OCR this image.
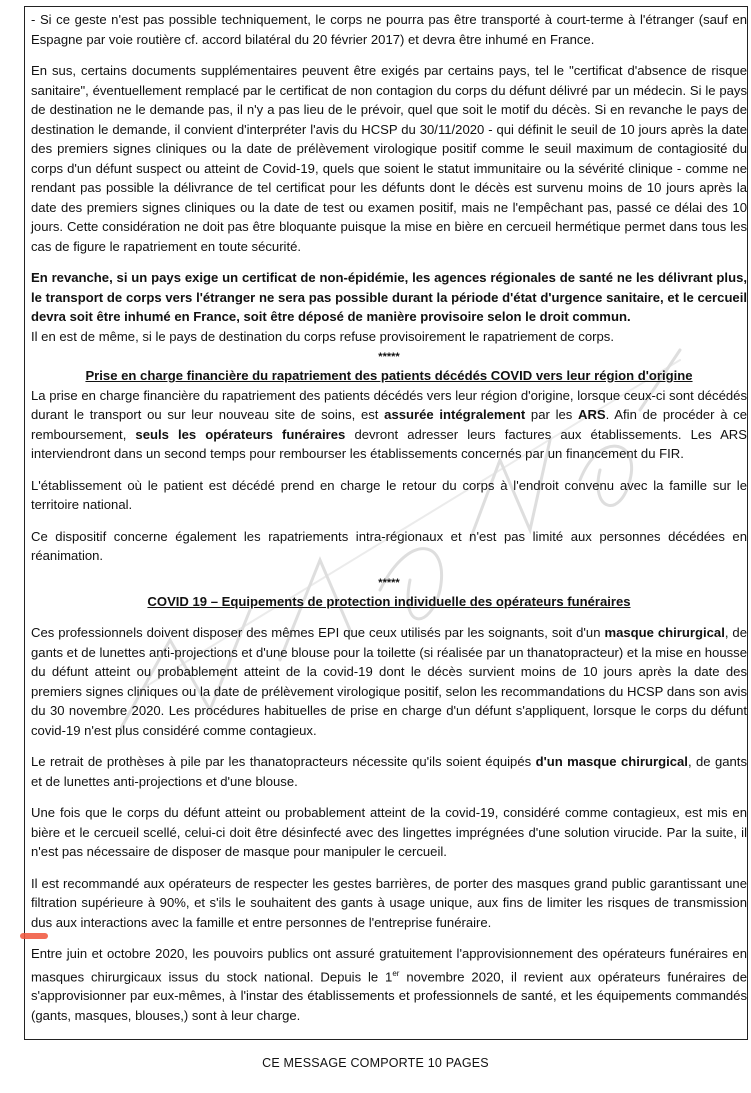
- Si ce geste n'est pas possible techniquement, le corps ne pourra pas être transporté à court-terme à l'étranger (sauf en Espagne par voie routière cf. accord bilatéral du 20 février 2017) et devra être inhumé en France.

En sus, certains documents supplémentaires peuvent être exigés par certains pays, tel le "certificat d'absence de risque sanitaire", éventuellement remplacé par le certificat de non contagion du corps du défunt délivré par un médecin. Si le pays de destination ne le demande pas, il n'y a pas lieu de le prévoir, quel que soit le motif du décès. Si en revanche le pays de destination le demande, il convient d'interpréter l'avis du HCSP du 30/11/2020 - qui définit le seuil de 10 jours après la date des premiers signes cliniques ou la date de prélèvement virologique positif comme le seuil maximum de contagiosité du corps d'un défunt suspect ou atteint de Covid-19, quels que soient le statut immunitaire ou la sévérité clinique - comme ne rendant pas possible la délivrance de tel certificat pour les défunts dont le décès est survenu moins de 10 jours après la date des premiers signes cliniques ou la date de test ou examen positif, mais ne l'empêchant pas, passé ce délai des 10 jours. Cette considération ne doit pas être bloquante puisque la mise en bière en cercueil hermétique permet dans tous les cas de figure le rapatriement en toute sécurité.

En revanche, si un pays exige un certificat de non-épidémie, les agences régionales de santé ne les délivrant plus, le transport de corps vers l'étranger ne sera pas possible durant la période d'état d'urgence sanitaire, et le cercueil devra soit être inhumé en France, soit être déposé de manière provisoire selon le droit commun.
Il en est de même, si le pays de destination du corps refuse provisoirement le rapatriement de corps.

*****
Prise en charge financière du rapatriement des patients décédés COVID vers leur région d'origine

La prise en charge financière du rapatriement des patients décédés vers leur région d'origine, lorsque ceux-ci sont décédés durant le transport ou sur leur nouveau site de soins, est assurée intégralement par les ARS. Afin de procéder à ce remboursement, seuls les opérateurs funéraires devront adresser leurs factures aux établissements. Les ARS interviendront dans un second temps pour rembourser les établissements concernés par un financement du FIR.

L'établissement où le patient est décédé prend en charge le retour du corps à l'endroit convenu avec la famille sur le territoire national.

Ce dispositif concerne également les rapatriements intra-régionaux et n'est pas limité aux personnes décédées en réanimation.

*****
COVID 19 – Equipements de protection individuelle des opérateurs funéraires

Ces professionnels doivent disposer des mêmes EPI que ceux utilisés par les soignants, soit d'un masque chirurgical, de gants et de lunettes anti-projections et d'une blouse pour la toilette (si réalisée par un thanatopracteur) et la mise en housse du défunt atteint ou probablement atteint de la covid-19 dont le décès survient moins de 10 jours après la date des premiers signes cliniques ou la date de prélèvement virologique positif, selon les recommandations du HCSP dans son avis du 30 novembre 2020. Les procédures habituelles de prise en charge d'un défunt s'appliquent, lorsque le corps du défunt covid-19 n'est plus considéré comme contagieux.

Le retrait de prothèses à pile par les thanatopracteurs nécessite qu'ils soient équipés d'un masque chirurgical, de gants et de lunettes anti-projections et d'une blouse.

Une fois que le corps du défunt atteint ou probablement atteint de la covid-19, considéré comme contagieux, est mis en bière et le cercueil scellé, celui-ci doit être désinfecté avec des lingettes imprégnées d'une solution virucide. Par la suite, il n'est pas nécessaire de disposer de masque pour manipuler le cercueil.

Il est recommandé aux opérateurs de respecter les gestes barrières, de porter des masques grand public garantissant une filtration supérieure à 90%, et s'ils le souhaitent des gants à usage unique, aux fins de limiter les risques de transmission dus aux interactions avec la famille et entre personnes de l'entreprise funéraire.

Entre juin et octobre 2020, les pouvoirs publics ont assuré gratuitement l'approvisionnement des opérateurs funéraires en masques chirurgicaux issus du stock national. Depuis le 1er novembre 2020, il revient aux opérateurs funéraires de s'approvisionner par eux-mêmes, à l'instar des établissements et professionnels de santé, et les équipements commandés (gants, masques, blouses,) sont à leur charge.

CE MESSAGE COMPORTE 10 PAGES
